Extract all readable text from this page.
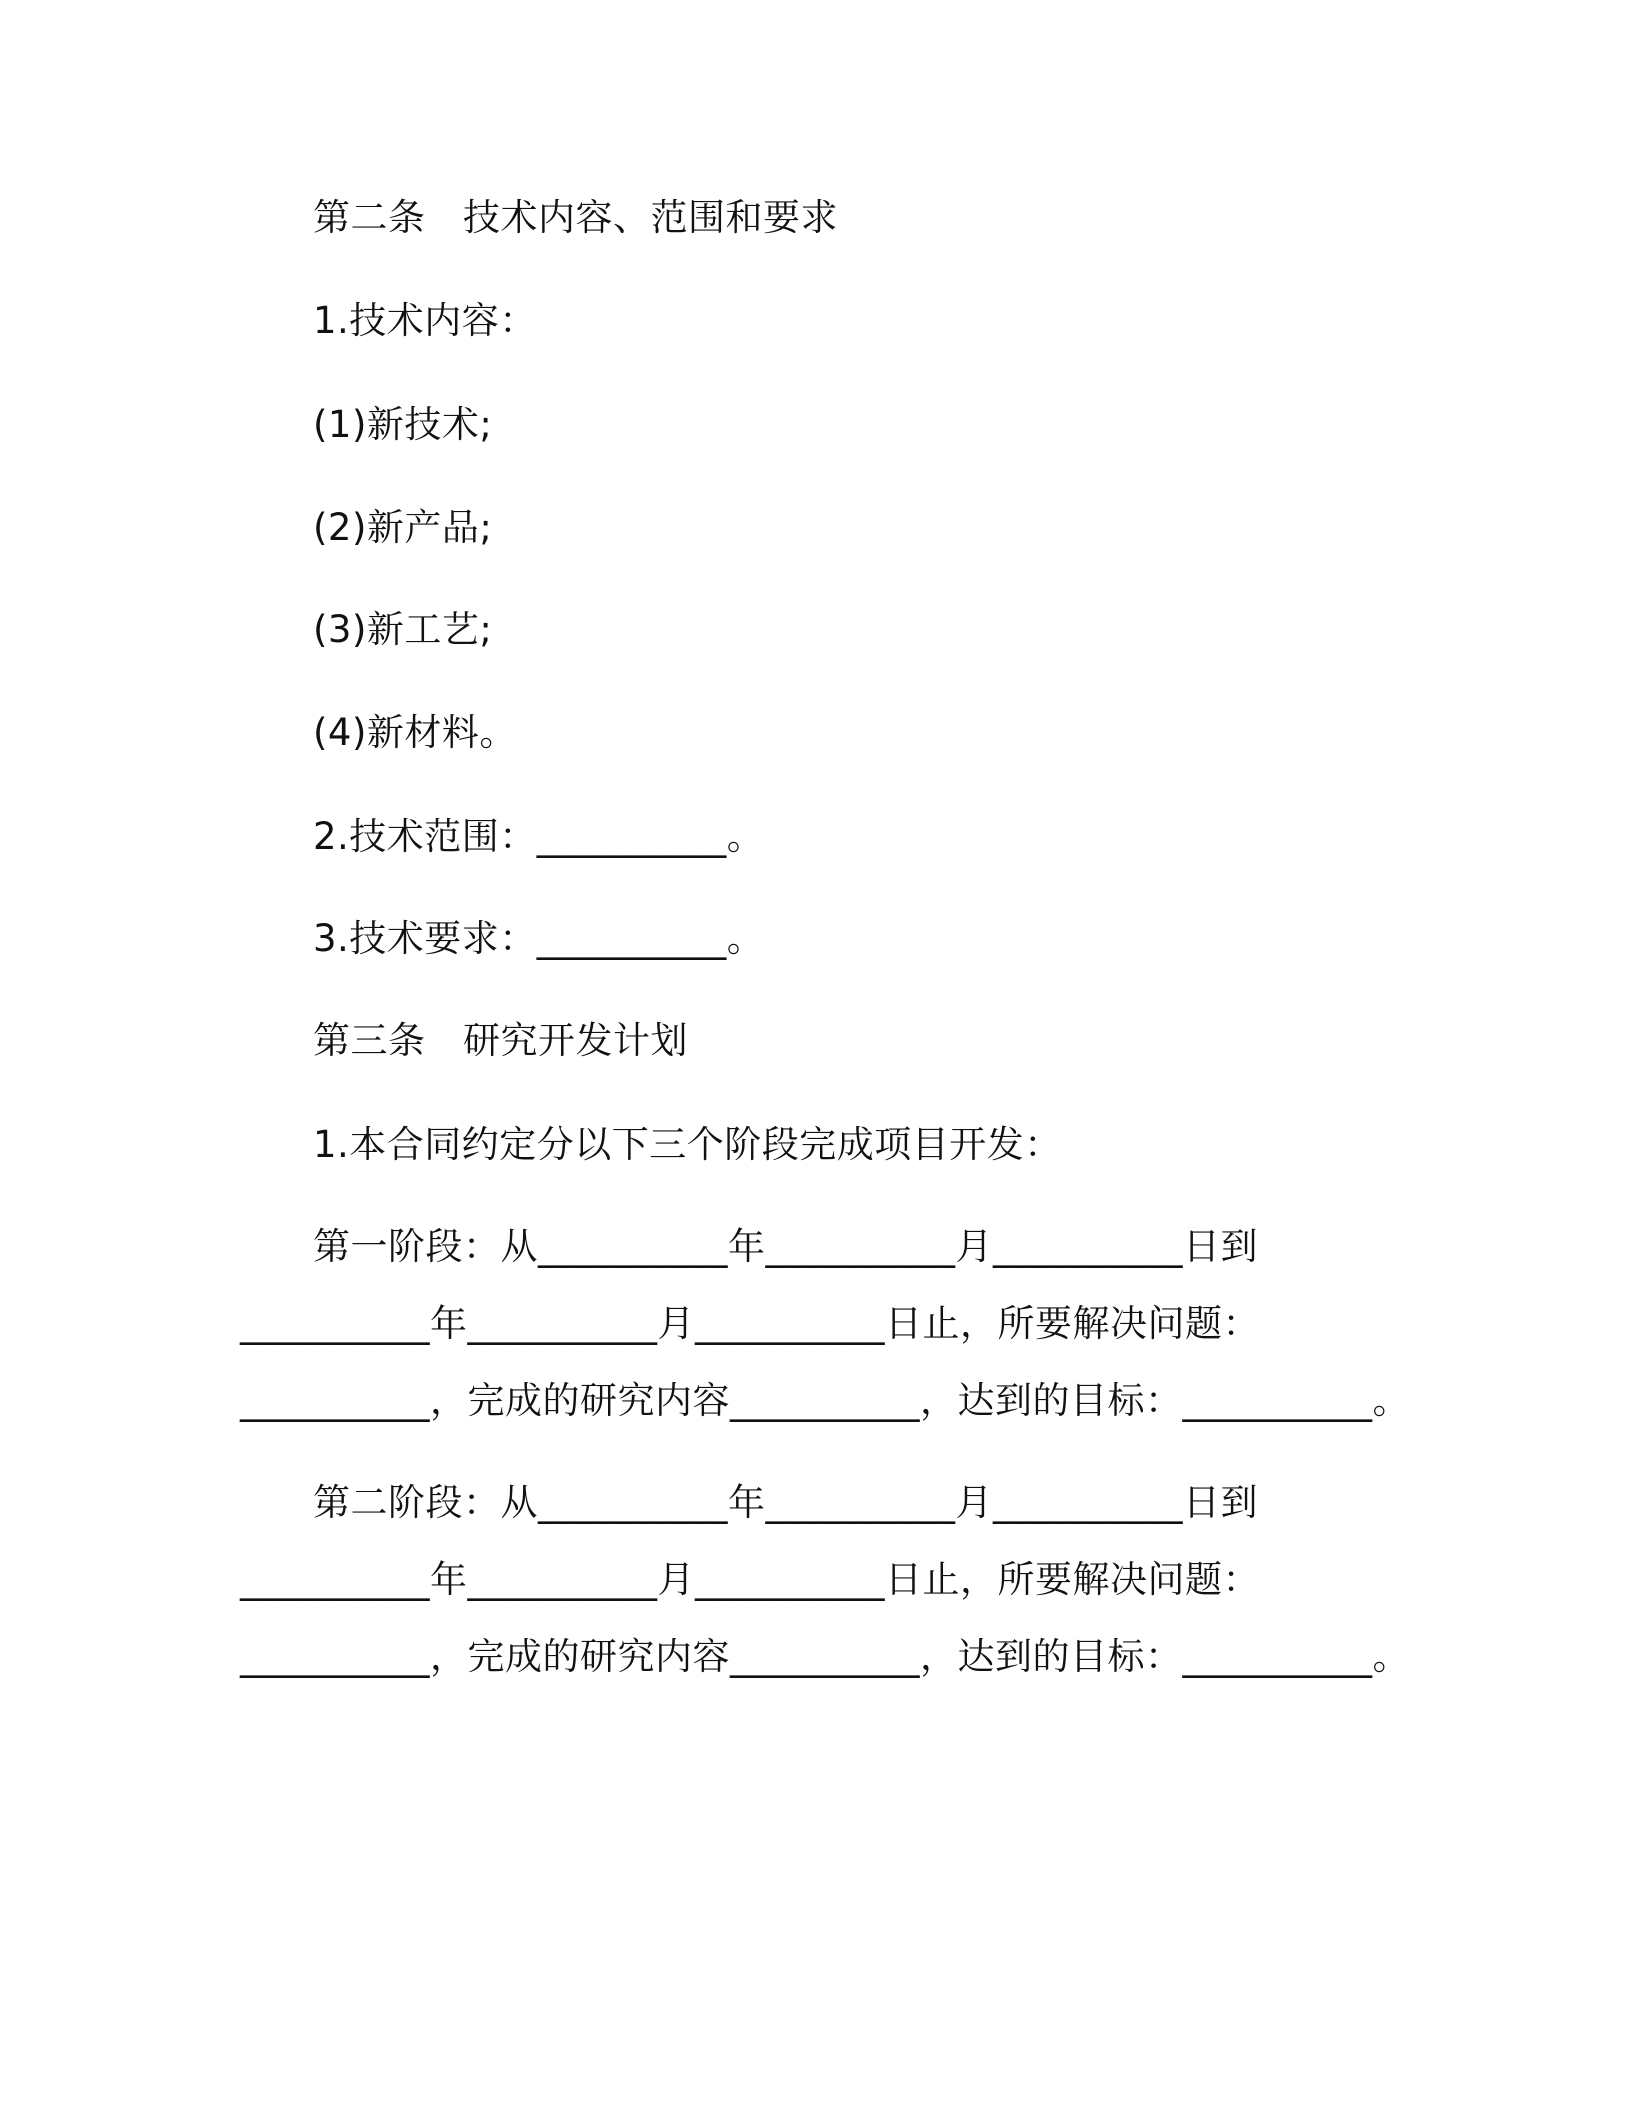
第二条　技术内容、范围和要求
1.技术内容：
(1)新技术;
(2)新产品;
(3)新工艺;
(4)新材料。
2.技术范围：__________。
3.技术要求：__________。
第三条　研究开发计划
1.本合同约定分以下三个阶段完成项目开发：
第一阶段：从__________年__________月__________日到
__________年__________月__________日止，所要解决问题：
__________，完成的研究内容__________，达到的目标：__________。
第二阶段：从__________年__________月__________日到
__________年__________月__________日止，所要解决问题：
__________，完成的研究内容__________，达到的目标：__________。
